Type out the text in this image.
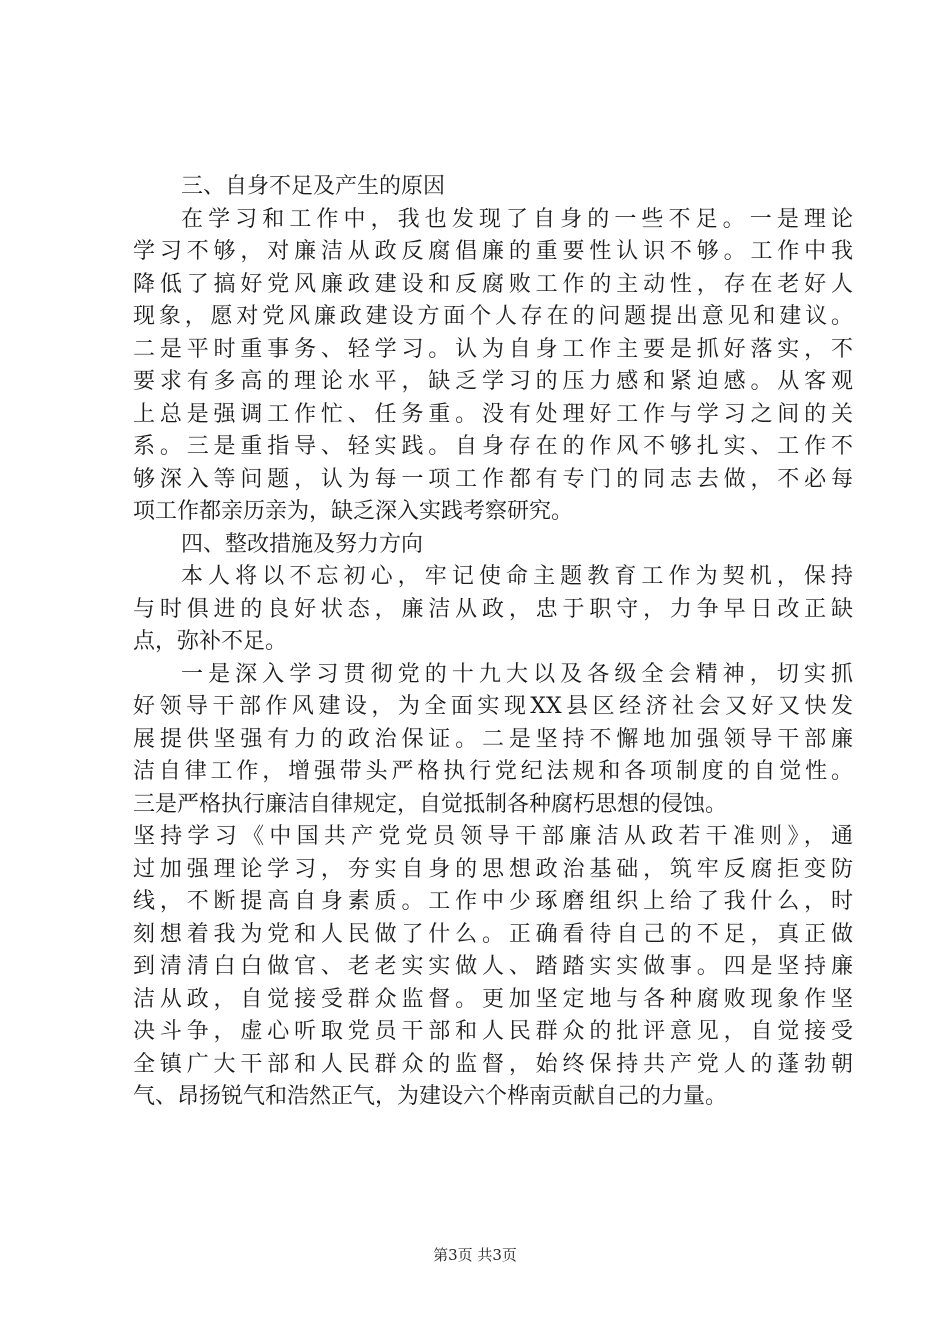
三、自身不足及产生的原因
在学习和工作中，我也发现了自身的一些不足。一是理论
学习不够，对廉洁从政反腐倡廉的重要性认识不够。工作中我
降低了搞好党风廉政建设和反腐败工作的主动性，存在老好人
现象，愿对党风廉政建设方面个人存在的问题提出意见和建议。
二是平时重事务、轻学习。认为自身工作主要是抓好落实，不
要求有多高的理论水平，缺乏学习的压力感和紧迫感。从客观
上总是强调工作忙、任务重。没有处理好工作与学习之间的关
系。三是重指导、轻实践。自身存在的作风不够扎实、工作不
够深入等问题，认为每一项工作都有专门的同志去做，不必每
项工作都亲历亲为，缺乏深入实践考察研究。
四、整改措施及努力方向
本人将以不忘初心，牢记使命主题教育工作为契机，保持
与时俱进的良好状态，廉洁从政，忠于职守，力争早日改正缺
点，弥补不足。
一是深入学习贯彻党的十九大以及各级全会精神，切实抓
好领导干部作风建设，为全面实现XX县区经济社会又好又快发
展提供坚强有力的政治保证。二是坚持不懈地加强领导干部廉
洁自律工作，增强带头严格执行党纪法规和各项制度的自觉性。
三是严格执行廉洁自律规定，自觉抵制各种腐朽思想的侵蚀。
坚持学习《中国共产党党员领导干部廉洁从政若干准则》，通
过加强理论学习，夯实自身的思想政治基础，筑牢反腐拒变防
线，不断提高自身素质。工作中少琢磨组织上给了我什么，时
刻想着我为党和人民做了什么。正确看待自己的不足，真正做
到清清白白做官、老老实实做人、踏踏实实做事。四是坚持廉
洁从政，自觉接受群众监督。更加坚定地与各种腐败现象作坚
决斗争，虚心听取党员干部和人民群众的批评意见，自觉接受
全镇广大干部和人民群众的监督，始终保持共产党人的蓬勃朝
气、昂扬锐气和浩然正气，为建设六个桦南贡献自己的力量。
第3页 共3页
